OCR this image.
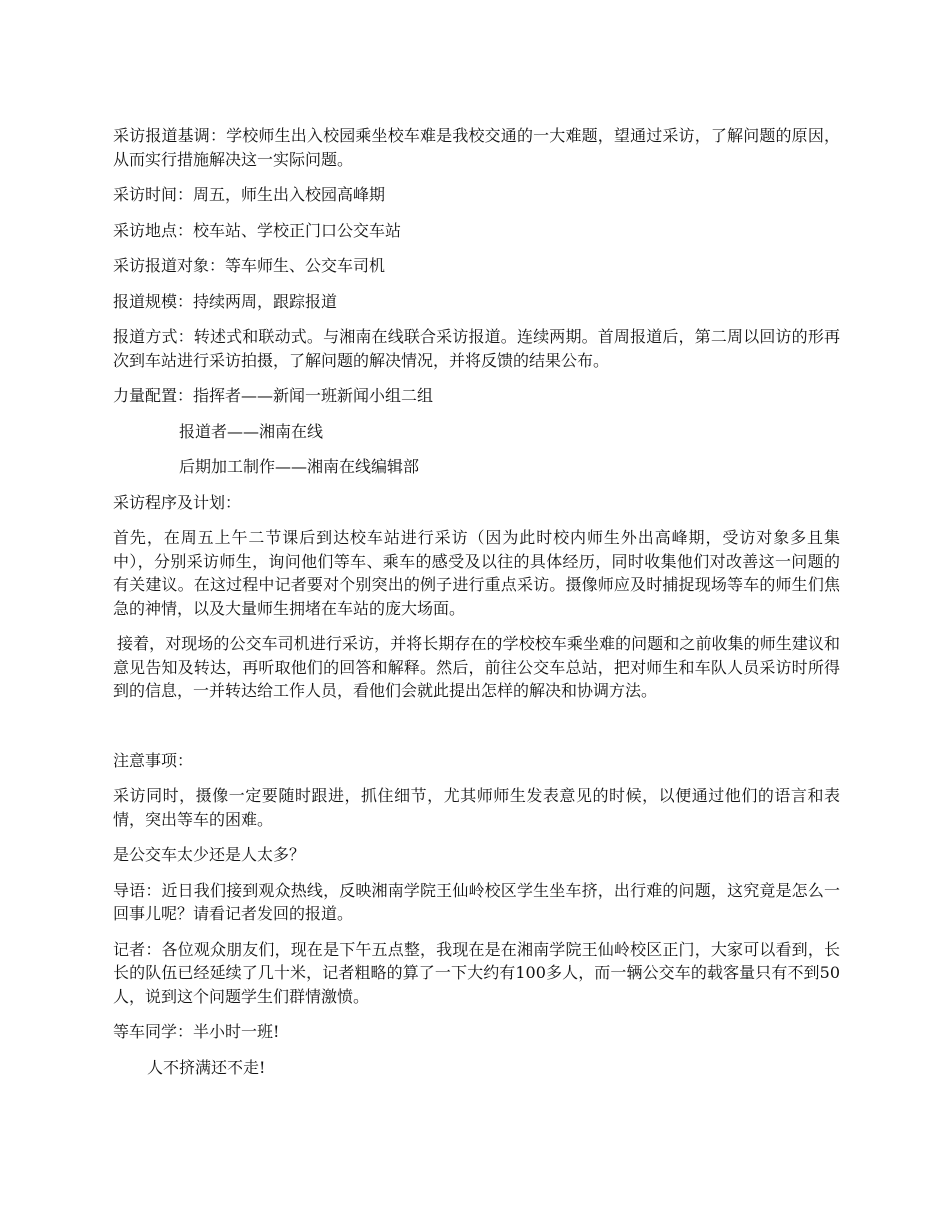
采访报道基调：学校师生出入校园乘坐校车难是我校交通的一大难题，望通过采访，了解问题的原因，从而实行措施解决这一实际问题。

采访时间：周五，师生出入校园高峰期

采访地点：校车站、学校正门口公交车站

采访报道对象：等车师生、公交车司机

报道规模：持续两周，跟踪报道

报道方式：转述式和联动式。与湘南在线联合采访报道。连续两期。首周报道后，第二周以回访的形再次到车站进行采访拍摄，了解问题的解决情况，并将反馈的结果公布。

力量配置：指挥者——新闻一班新闻小组二组

报道者——湘南在线

后期加工制作——湘南在线编辑部

采访程序及计划：

首先，在周五上午二节课后到达校车站进行采访（因为此时校内师生外出高峰期，受访对象多且集中），分别采访师生，询问他们等车、乘车的感受及以往的具体经历，同时收集他们对改善这一问题的有关建议。在这过程中记者要对个别突出的例子进行重点采访。摄像师应及时捕捉现场等车的师生们焦急的神情，以及大量师生拥堵在车站的庞大场面。

接着，对现场的公交车司机进行采访，并将长期存在的学校校车乘坐难的问题和之前收集的师生建议和意见告知及转达，再听取他们的回答和解释。然后，前往公交车总站，把对师生和车队人员采访时所得到的信息，一并转达给工作人员，看他们会就此提出怎样的解决和协调方法。

注意事项：

采访同时，摄像一定要随时跟进，抓住细节，尤其师师生发表意见的时候，以便通过他们的语言和表情，突出等车的困难。

是公交车太少还是人太多？

导语：近日我们接到观众热线，反映湘南学院王仙岭校区学生坐车挤，出行难的问题，这究竟是怎么一回事儿呢？请看记者发回的报道。

记者：各位观众朋友们，现在是下午五点整，我现在是在湘南学院王仙岭校区正门，大家可以看到，长长的队伍已经延续了几十米，记者粗略的算了一下大约有100多人，而一辆公交车的载客量只有不到50人，说到这个问题学生们群情激愤。

等车同学：半小时一班!

人不挤满还不走!
